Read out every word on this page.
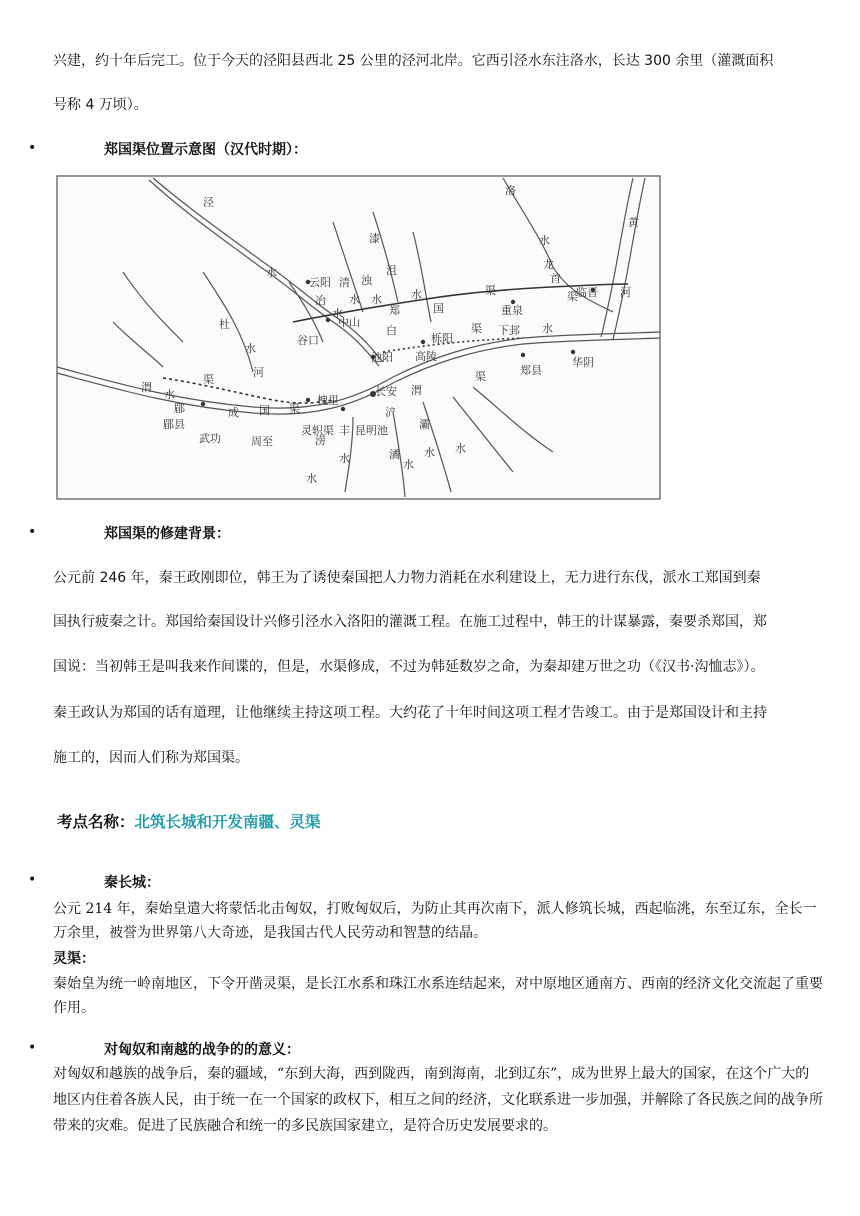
兴建，约十年后完工。位于今天的泾阳县西北 25 公里的泾河北岸。它西引泾水东注洛水，长达 300 余里（灌溉面积
号称 4 万顷）。
•	郑国渠位置示意图（汉代时期）：
泾
洛
黄
河
水
水
云阳 清 浊
冶
水
水 水
中山
沮
漆
水
郑	国
渠
重泉
下邽
龙
首
渠
临晋
水
谷口
白	渠
栎阳
池阳 高陵
郑县
华阴
杜
水
河
渠
渭
水
郿
郿县
武功
成 国 渠
槐里
长安 渭
渠
周至
灵轵渠
涝
丰 昆明池
浐
灞
潏
水
水
水
水 水
•	郑国渠的修建背景：
公元前 246 年，秦王政刚即位，韩王为了诱使秦国把人力物力消耗在水利建设上，无力进行东伐，派水工郑国到秦
国执行疲秦之计。郑国给秦国设计兴修引泾水入洛阳的灌溉工程。在施工过程中，韩王的计谋暴露，秦要杀郑国，郑
国说：当初韩王是叫我来作间谍的，但是，水渠修成，不过为韩延数岁之命，为秦却建万世之功（《汉书·沟恤志》）。
秦王政认为郑国的话有道理，让他继续主持这项工程。大约花了十年时间这项工程才告竣工。由于是郑国设计和主持
施工的，因而人们称为郑国渠。
考点名称：北筑长城和开发南疆、灵渠
•	秦长城：
公元 214 年，秦始皇遣大将蒙恬北击匈奴，打败匈奴后，为防止其再次南下，派人修筑长城，西起临洮，东至辽东，全长一万余里，被誉为世界第八大奇迹，是我国古代人民劳动和智慧的结晶。
灵渠：
秦始皇为统一岭南地区，下令开凿灵渠，是长江水系和珠江水系连结起来，对中原地区通南方、西南的经济文化交流起了重要作用。
•	对匈奴和南越的战争的的意义：
对匈奴和越族的战争后，秦的疆域，“东到大海，西到陇西，南到海南，北到辽东”，成为世界上最大的国家，在这个广大的地区内住着各族人民，由于统一在一个国家的政权下，相互之间的经济，文化联系进一步加强，并解除了各民族之间的战争所带来的灾难。促进了民族融合和统一的多民族国家建立，是符合历史发展要求的。
